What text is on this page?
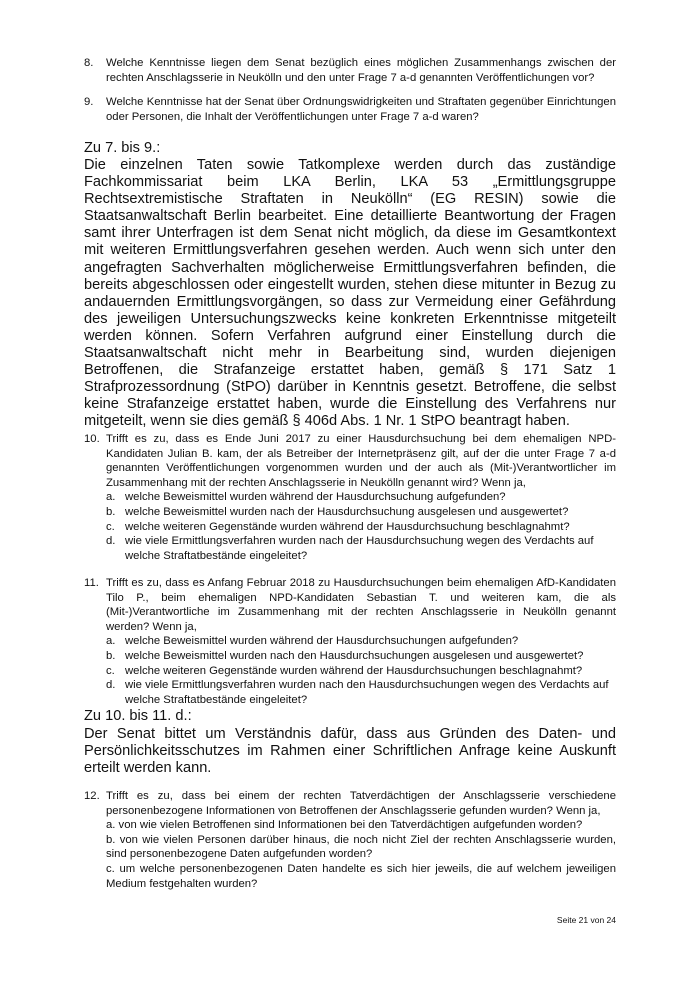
8. Welche Kenntnisse liegen dem Senat bezüglich eines möglichen Zusammenhangs zwischen der rechten Anschlagsserie in Neukölln und den unter Frage 7 a-d genannten Veröffentlichungen vor?
9. Welche Kenntnisse hat der Senat über Ordnungswidrigkeiten und Straftaten gegenüber Einrichtungen oder Personen, die Inhalt der Veröffentlichungen unter Frage 7 a-d waren?
Zu 7. bis 9.:
Die einzelnen Taten sowie Tatkomplexe werden durch das zuständige Fachkommissariat beim LKA Berlin, LKA 53 „Ermittlungsgruppe Rechtsextremistische Straftaten in Neukölln“ (EG RESIN) sowie die Staatsanwaltschaft Berlin bearbeitet. Eine detaillierte Beantwortung der Fragen samt ihrer Unterfragen ist dem Senat nicht möglich, da diese im Gesamtkontext mit weiteren Ermittlungsverfahren gesehen werden. Auch wenn sich unter den angefragten Sachverhalten möglicherweise Ermittlungsverfahren befinden, die bereits abgeschlossen oder eingestellt wurden, stehen diese mitunter in Bezug zu andauernden Ermittlungsvorgängen, so dass zur Vermeidung einer Gefährdung des jeweiligen Untersuchungszwecks keine konkreten Erkenntnisse mitgeteilt werden können. Sofern Verfahren aufgrund einer Einstellung durch die Staatsanwaltschaft nicht mehr in Bearbeitung sind, wurden diejenigen Betroffenen, die Strafanzeige erstattet haben, gemäß § 171 Satz 1 Strafprozessordnung (StPO) darüber in Kenntnis gesetzt. Betroffene, die selbst keine Strafanzeige erstattet haben, wurde die Einstellung des Verfahrens nur mitgeteilt, wenn sie dies gemäß § 406d Abs. 1 Nr. 1 StPO beantragt haben.
10. Trifft es zu, dass es Ende Juni 2017 zu einer Hausdurchsuchung bei dem ehemaligen NPD-Kandidaten Julian B. kam, der als Betreiber der Internetpräsenz gilt, auf der die unter Frage 7 a-d genannten Veröffentlichungen vorgenommen wurden und der auch als (Mit-)Verantwortlicher im Zusammenhang mit der rechten Anschlagsserie in Neukölln genannt wird? Wenn ja,
a. welche Beweismittel wurden während der Hausdurchsuchung aufgefunden?
b. welche Beweismittel wurden nach der Hausdurchsuchung ausgelesen und ausgewertet?
c. welche weiteren Gegenstände wurden während der Hausdurchsuchung beschlagnahmt?
d. wie viele Ermittlungsverfahren wurden nach der Hausdurchsuchung wegen des Verdachts auf welche Straftatbestände eingeleitet?
11. Trifft es zu, dass es Anfang Februar 2018 zu Hausdurchsuchungen beim ehemaligen AfD-Kandidaten Tilo P., beim ehemaligen NPD-Kandidaten Sebastian T. und weiteren kam, die als (Mit-)Verantwortliche im Zusammenhang mit der rechten Anschlagsserie in Neukölln genannt werden? Wenn ja,
a. welche Beweismittel wurden während der Hausdurchsuchungen aufgefunden?
b. welche Beweismittel wurden nach den Hausdurchsuchungen ausgelesen und ausgewertet?
c. welche weiteren Gegenstände wurden während der Hausdurchsuchungen beschlagnahmt?
d. wie viele Ermittlungsverfahren wurden nach den Hausdurchsuchungen wegen des Verdachts auf welche Straftatbestände eingeleitet?
Zu 10. bis 11. d.:
Der Senat bittet um Verständnis dafür, dass aus Gründen des Daten- und Persönlichkeitsschutzes im Rahmen einer Schriftlichen Anfrage keine Auskunft erteilt werden kann.
12. Trifft es zu, dass bei einem der rechten Tatverdächtigen der Anschlagsserie verschiedene personenbezogene Informationen von Betroffenen der Anschlagsserie gefunden wurden? Wenn ja,
a. von wie vielen Betroffenen sind Informationen bei den Tatverdächtigen aufgefunden worden?
b. von wie vielen Personen darüber hinaus, die noch nicht Ziel der rechten Anschlagsserie wurden, sind personenbezogene Daten aufgefunden worden?
c. um welche personenbezogenen Daten handelte es sich hier jeweils, die auf welchem jeweiligen Medium festgehalten wurden?
Seite 21 von 24
